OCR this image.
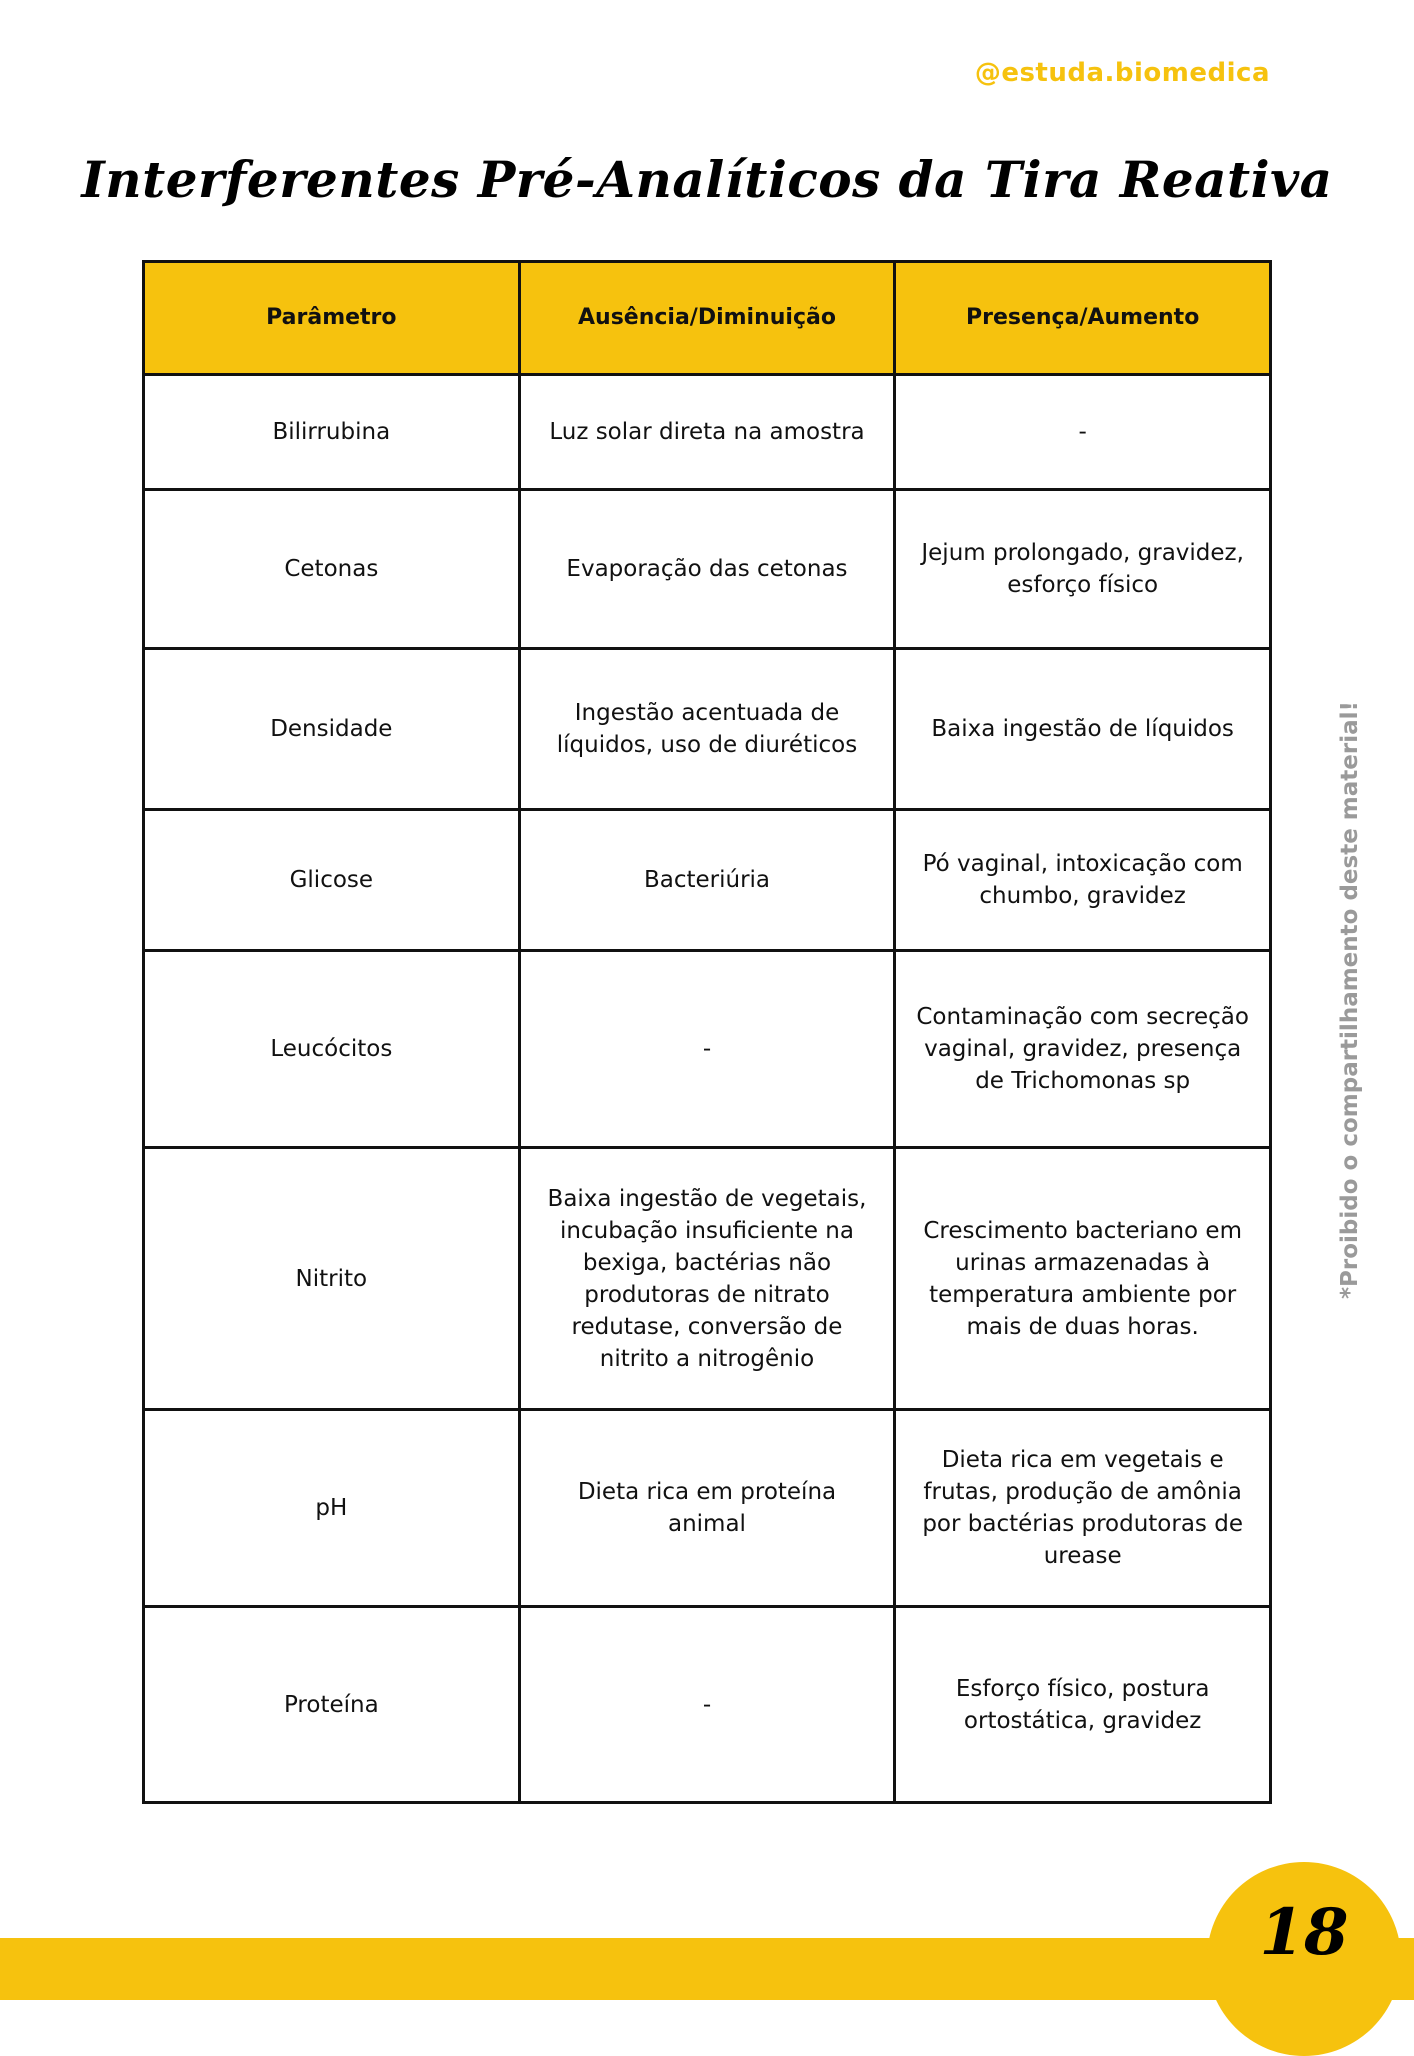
@estuda.biomedica
Interferentes Pré-Analíticos da Tira Reativa
Parâmetro	Ausência/Diminuição	Presença/Aumento
Bilirrubina	Luz solar direta na amostra	-
Cetonas	Evaporação das cetonas	Jejum prolongado, gravidez, esforço físico
Densidade	Ingestão acentuada de líquidos, uso de diuréticos	Baixa ingestão de líquidos
Glicose	Bacteriúria	Pó vaginal, intoxicação com chumbo, gravidez
Leucócitos	-	Contaminação com secreção vaginal, gravidez, presença de Trichomonas sp
Nitrito	Baixa ingestão de vegetais, incubação insuficiente na bexiga, bactérias não produtoras de nitrato redutase, conversão de nitrito a nitrogênio	Crescimento bacteriano em urinas armazenadas à temperatura ambiente por mais de duas horas.
pH	Dieta rica em proteína animal	Dieta rica em vegetais e frutas, produção de amônia por bactérias produtoras de urease
Proteína	-	Esforço físico, postura ortostática, gravidez
*Proibido o compartilhamento deste material!
18
